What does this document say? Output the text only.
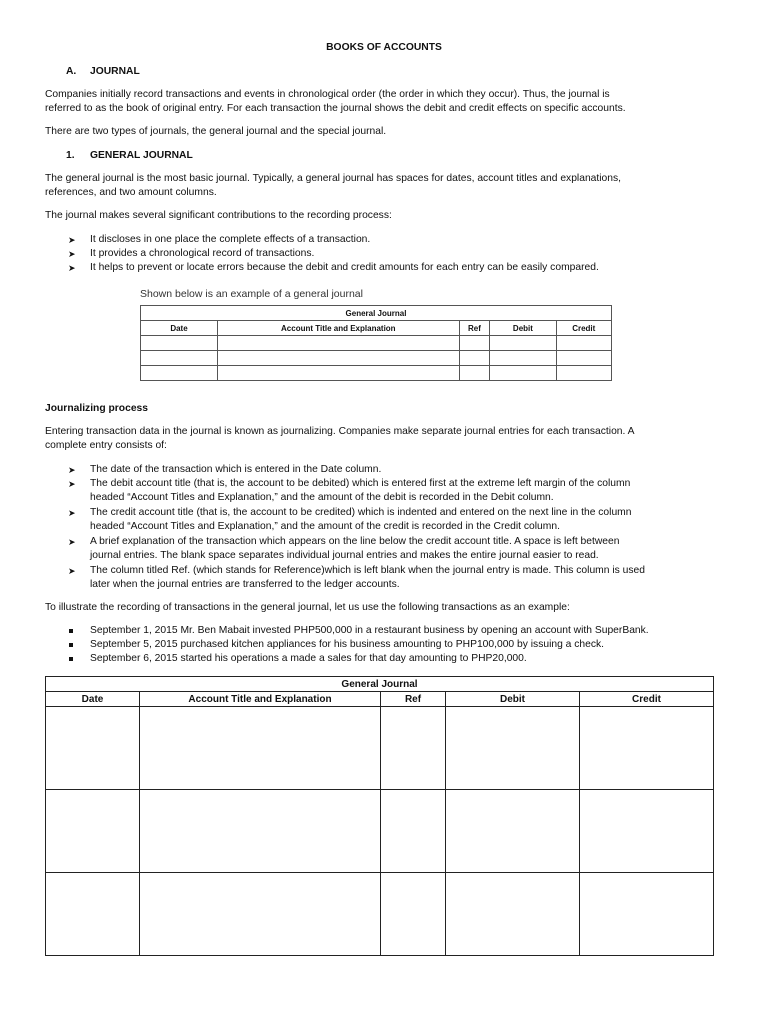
BOOKS OF ACCOUNTS
A. JOURNAL
Companies initially record transactions and events in chronological order (the order in which they occur). Thus, the journal is
referred to as the book of original entry. For each transaction the journal shows the debit and credit effects on specific accounts.
There are two types of journals, the general journal and the special journal.
1. GENERAL JOURNAL
The general journal is the most basic journal. Typically, a general journal has spaces for dates, account titles and explanations,
references, and two amount columns.
The journal makes several significant contributions to the recording process:
➤ It discloses in one place the complete effects of a transaction.
➤ It provides a chronological record of transactions.
➤ It helps to prevent or locate errors because the debit and credit amounts for each entry can be easily compared.
Shown below is an example of a general journal
General Journal				
Date	Account Title and Explanation	Ref	Debit	Credit

Journalizing process
Entering transaction data in the journal is known as journalizing. Companies make separate journal entries for each transaction. A
complete entry consists of:
➤ The date of the transaction which is entered in the Date column.
➤ The debit account title (that is, the account to be debited) which is entered first at the extreme left margin of the column
headed “Account Titles and Explanation,” and the amount of the debit is recorded in the Debit column.
➤ The credit account title (that is, the account to be credited) which is indented and entered on the next line in the column
headed “Account Titles and Explanation,” and the amount of the credit is recorded in the Credit column.
➤ A brief explanation of the transaction which appears on the line below the credit account title. A space is left between
journal entries. The blank space separates individual journal entries and makes the entire journal easier to read.
➤ The column titled Ref. (which stands for Reference)which is left blank when the journal entry is made. This column is used
later when the journal entries are transferred to the ledger accounts.
To illustrate the recording of transactions in the general journal, let us use the following transactions as an example:
September 1, 2015 Mr. Ben Mabait invested PHP500,000 in a restaurant business by opening an account with SuperBank.
September 5, 2015 purchased kitchen appliances for his business amounting to PHP100,000 by issuing a check.
September 6, 2015 started his operations a made a sales for that day amounting to PHP20,000.
General Journal				
Date	Account Title and Explanation	Ref	Debit	Credit
